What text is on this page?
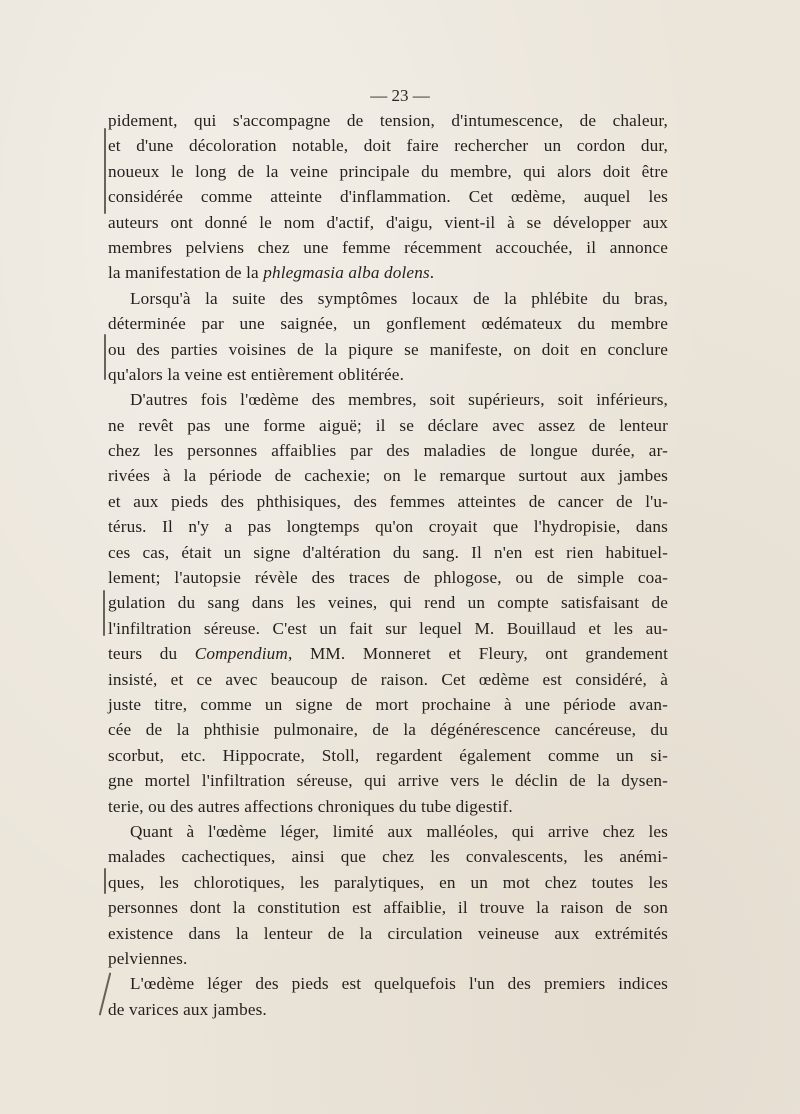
— 23 —
pidement, qui s'accompagne de tension, d'intumescence, de chaleur,
et d'une décoloration notable, doit faire rechercher un cordon dur,
noueux le long de la veine principale du membre, qui alors doit être
considérée comme atteinte d'inflammation. Cet œdème, auquel les
auteurs ont donné le nom d'actif, d'aigu, vient-il à se développer aux
membres pelviens chez une femme récemment accouchée, il annonce
la manifestation de la phlegmasia alba dolens.
Lorsqu'à la suite des symptômes locaux de la phlébite du bras,
déterminée par une saignée, un gonflement œdémateux du membre
ou des parties voisines de la piqure se manifeste, on doit en conclure
qu'alors la veine est entièrement oblitérée.
D'autres fois l'œdème des membres, soit supérieurs, soit inférieurs,
ne revêt pas une forme aiguë; il se déclare avec assez de lenteur
chez les personnes affaiblies par des maladies de longue durée, ar-
rivées à la période de cachexie; on le remarque surtout aux jambes
et aux pieds des phthisiques, des femmes atteintes de cancer de l'u-
térus. Il n'y a pas longtemps qu'on croyait que l'hydropisie, dans
ces cas, était un signe d'altération du sang. Il n'en est rien habituel-
lement; l'autopsie révèle des traces de phlogose, ou de simple coa-
gulation du sang dans les veines, qui rend un compte satisfaisant de
l'infiltration séreuse. C'est un fait sur lequel M. Bouillaud et les au-
teurs du Compendium, MM. Monneret et Fleury, ont grandement
insisté, et ce avec beaucoup de raison. Cet œdème est considéré, à
juste titre, comme un signe de mort prochaine à une période avan-
cée de la phthisie pulmonaire, de la dégénérescence cancéreuse, du
scorbut, etc. Hippocrate, Stoll, regardent également comme un si-
gne mortel l'infiltration séreuse, qui arrive vers le déclin de la dysen-
terie, ou des autres affections chroniques du tube digestif.
Quant à l'œdème léger, limité aux malléoles, qui arrive chez les
malades cachectiques, ainsi que chez les convalescents, les anémi-
ques, les chlorotiques, les paralytiques, en un mot chez toutes les
personnes dont la constitution est affaiblie, il trouve la raison de son
existence dans la lenteur de la circulation veineuse aux extrémités
pelviennes.
L'œdème léger des pieds est quelquefois l'un des premiers indices
de varices aux jambes.
